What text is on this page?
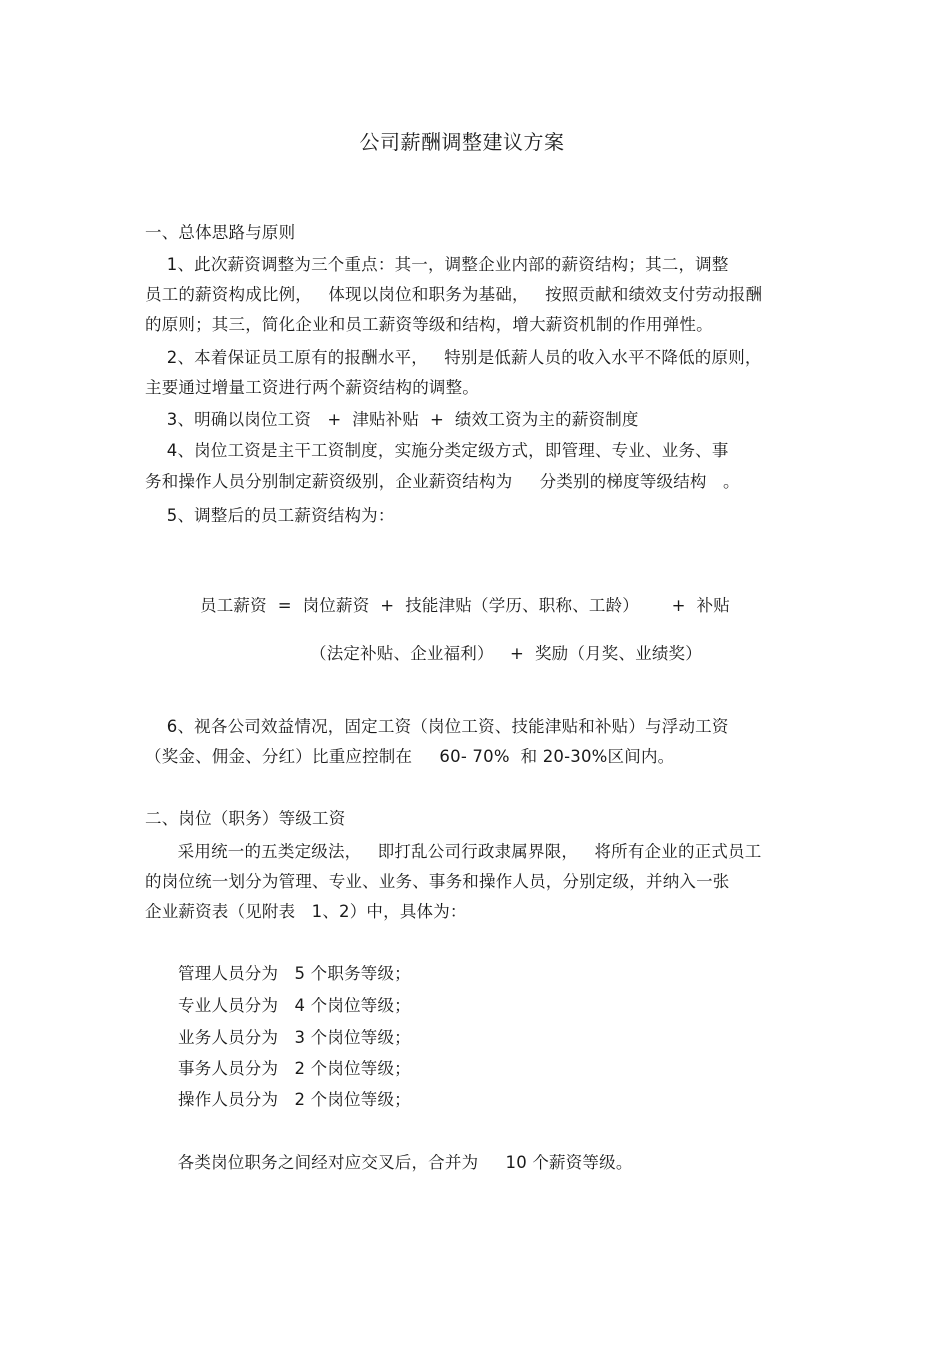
公司薪酬调整建议方案
一、总体思路与原则
1、此次薪资调整为三个重点：其一，调整企业内部的薪资结构；其二，调整
员工的薪资构成比例，   体现以岗位和职务为基础，   按照贡献和绩效支付劳动报酬
的原则；其三，简化企业和员工薪资等级和结构，增大薪资机制的作用弹性。
2、本着保证员工原有的报酬水平，   特别是低薪人员的收入水平不降低的原则，
主要通过增量工资进行两个薪资结构的调整。
3、明确以岗位工资   +  津贴补贴  +  绩效工资为主的薪资制度
4、岗位工资是主干工资制度，实施分类定级方式，即管理、专业、业务、事
务和操作人员分别制定薪资级别，企业薪资结构为     分类别的梯度等级结构   。
5、调整后的员工薪资结构为：
员工薪资  =  岗位薪资  +  技能津贴（学历、职称、工龄）      +  补贴
（法定补贴、企业福利）   +  奖励（月奖、业绩奖）
6、视各公司效益情况，固定工资（岗位工资、技能津贴和补贴）与浮动工资
（奖金、佣金、分红）比重应控制在     60- 70%  和 20-30%区间内。
二、岗位（职务）等级工资
采用统一的五类定级法，   即打乱公司行政隶属界限，   将所有企业的正式员工
的岗位统一划分为管理、专业、业务、事务和操作人员，分别定级，并纳入一张
企业薪资表（见附表   1、2）中，具体为：
管理人员分为   5 个职务等级；
专业人员分为   4 个岗位等级；
业务人员分为   3 个岗位等级；
事务人员分为   2 个岗位等级；
操作人员分为   2 个岗位等级；
各类岗位职务之间经对应交叉后，合并为     10 个薪资等级。
